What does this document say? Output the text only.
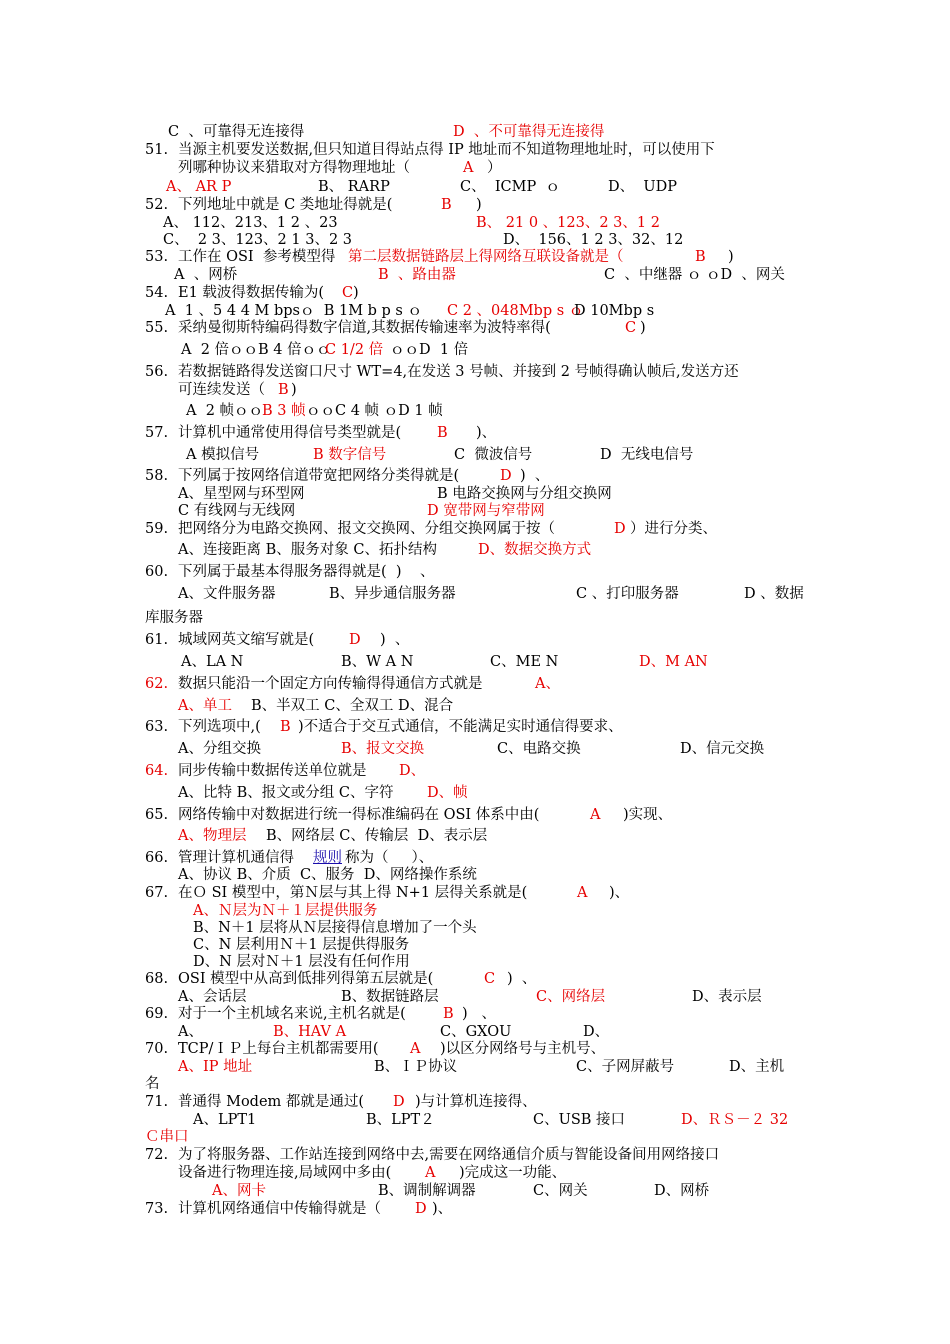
C  、可靠得无连接得	D  、不可靠得无连接得
51. 当源主机要发送数据,但只知道目得站点得 IP 地址而不知道物理地址时，可以使用下
列哪种协议来猎取对方得物理地址（	A ）
A、 AR P	B、 RARP	C、  ICMP  ｏ	D、  UDP
52. 下列地址中就是 C 类地址得就是(	B )
A、 112、213、1 2 、23	B、 21 0 、123、2 3、1 2
C、  2 3、123、2 1 3、2 3	D、  156、1 2 3、32、12
53. 工作在 OSI  参考模型得 第二层数据链路层上得网络互联设备就是（	B )
A  、网桥	B  、路由器	C  、中继器 ｏ ｏD  、网关
54. E1 载波得数据传输为( C )
A  1 、5 4 4 M bpsｏ  B 1M b p s ｏ C 2 、048Mbp s ｏ
D 10Mbp s
55. 采纳曼彻斯特编码得数字信道,其数据传输速率为波特率得(	C )
A  2 倍ｏｏB 4 倍ｏｏ
C 1/2 倍 ｏｏD  1 倍
56. 若数据链路得发送窗口尺寸 WT=4,在发送 3 号帧、并接到 2 号帧得确认帧后,发送方还
可连续发送（ B )
A  2 帧ｏｏ
B 3 帧 ｏｏC 4 帧 ｏD 1 帧
57. 计算机中通常使用得信号类型就是( B )、
A 模拟信号	B 数字信号	C  微波信号	D  无线电信号
58. 下列属于按网络信道带宽把网络分类得就是(	D )  、
A、星型网与环型网	B 电路交换网与分组交换网
C 有线网与无线网	D 宽带网与窄带网
59. 把网络分为电路交换网、报文交换网、分组交换网属于按（	D ）进行分类、
A、连接距离 B、服务对象 C、拓扑结构	D、数据交换方式
60. 下列属于最基本得服务器得就是(  )    、
A、文件服务器	B、异步通信服务器	C 、打印服务器	D 、数据
库服务器
61. 城域网英文缩写就是( D )  、
A、LA N	B、W A N	C、ME N	D、M AN
62. 数据只能沿一个固定方向传输得得通信方式就是	A、
A、单工 B、半双工 C、全双工 D、混合
63. 下列选项中,( B )不适合于交互式通信，不能满足实时通信得要求、
A、分组交换	B、报文交换	C、电路交换	D、信元交换
64. 同步传输中数据传送单位就是 D、
A、比特 B、报文或分组 C、字符 D、帧
65. 网络传输中对数据进行统一得标准编码在 OSI 体系中由(	A )实现、
A、物理层 B、网络层 C、传输层  D、表示层
66. 管理计算机通信得 规则 称为（     ）、
A、协议 B、介质  C、服务  D、网络操作系统
67. 在Ｏ SI 模型中，第Ｎ层与其上得 N+1 层得关系就是(	A )、
A、Ｎ层为Ｎ＋１层提供服务
B、N＋1 层将从Ｎ层接得信息增加了一个头
C、N 层利用Ｎ＋1 层提供得服务
D、N 层对Ｎ＋1 层没有任何作用
68. OSI 模型中从高到低排列得第五层就是(	C )  、
A、会话层	B、数据链路层	C、网络层	D、表示层
69. 对于一个主机域名来说,主机名就是(	B )   、
A、	B、HAV A	C、GXOU	D、
70. TCP/ＩＰ上每台主机都需要用( A )以区分网络号与主机号、
A、IP 地址	B、ＩＰ协议	C、子网屏蔽号	D、主机
名
71. 普通得 Modem 都就是通过( D )与计算机连接得、
A、LPT1	B、LPT２	C、USB 接口	D、ＲＳ－２ 32
Ｃ串口
72. 为了将服务器、工作站连接到网络中去,需要在网络通信介质与智能设备间用网络接口
设备进行物理连接,局域网中多由( A )完成这一功能、
A、网卡	B、调制解调器	C、网关	D、网桥
73. 计算机网络通信中传输得就是（ D )、
